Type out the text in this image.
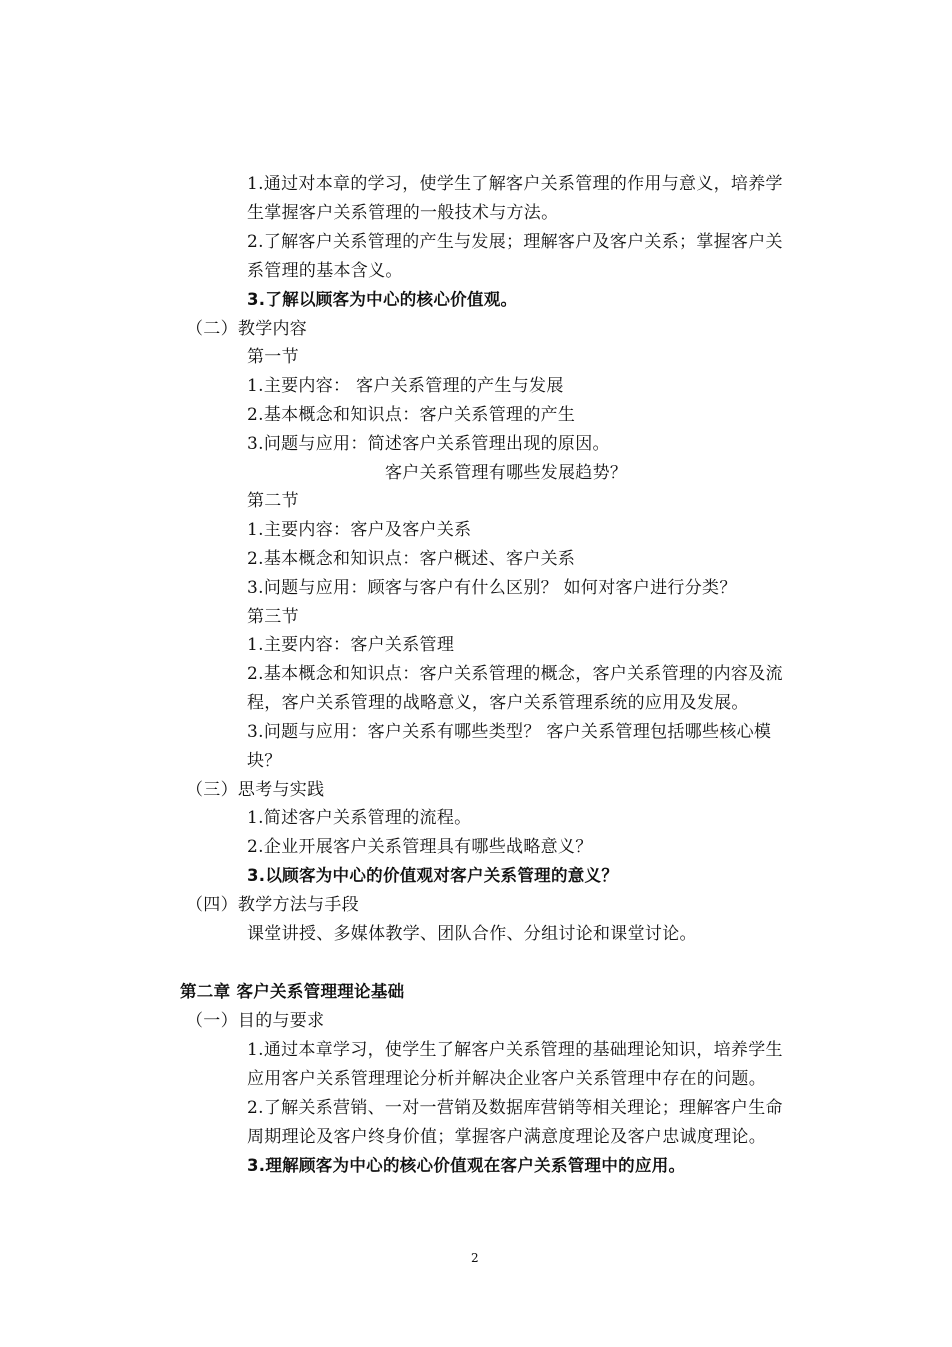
1.通过对本章的学习，使学生了解客户关系管理的作用与意义，培养学
生掌握客户关系管理的一般技术与方法。
2.了解客户关系管理的产生与发展；理解客户及客户关系；掌握客户关
系管理的基本含义。
3.了解以顾客为中心的核心价值观。
（二）教学内容
第一节
1.主要内容： 客户关系管理的产生与发展
2.基本概念和知识点：客户关系管理的产生
3.问题与应用：简述客户关系管理出现的原因。
客户关系管理有哪些发展趋势？
第二节
1.主要内容：客户及客户关系
2.基本概念和知识点：客户概述、客户关系
3.问题与应用：顾客与客户有什么区别？ 如何对客户进行分类？
第三节
1.主要内容：客户关系管理
2.基本概念和知识点：客户关系管理的概念，客户关系管理的内容及流
程，客户关系管理的战略意义，客户关系管理系统的应用及发展。
3.问题与应用：客户关系有哪些类型？ 客户关系管理包括哪些核心模
块？
（三）思考与实践
1.简述客户关系管理的流程。
2.企业开展客户关系管理具有哪些战略意义？
3.以顾客为中心的价值观对客户关系管理的意义？
（四）教学方法与手段
课堂讲授、多媒体教学、团队合作、分组讨论和课堂讨论。
第二章 客户关系管理理论基础
（一）目的与要求
1.通过本章学习，使学生了解客户关系管理的基础理论知识，培养学生
应用客户关系管理理论分析并解决企业客户关系管理中存在的问题。
2.了解关系营销、一对一营销及数据库营销等相关理论；理解客户生命
周期理论及客户终身价值；掌握客户满意度理论及客户忠诚度理论。
3.理解顾客为中心的核心价值观在客户关系管理中的应用。
2
